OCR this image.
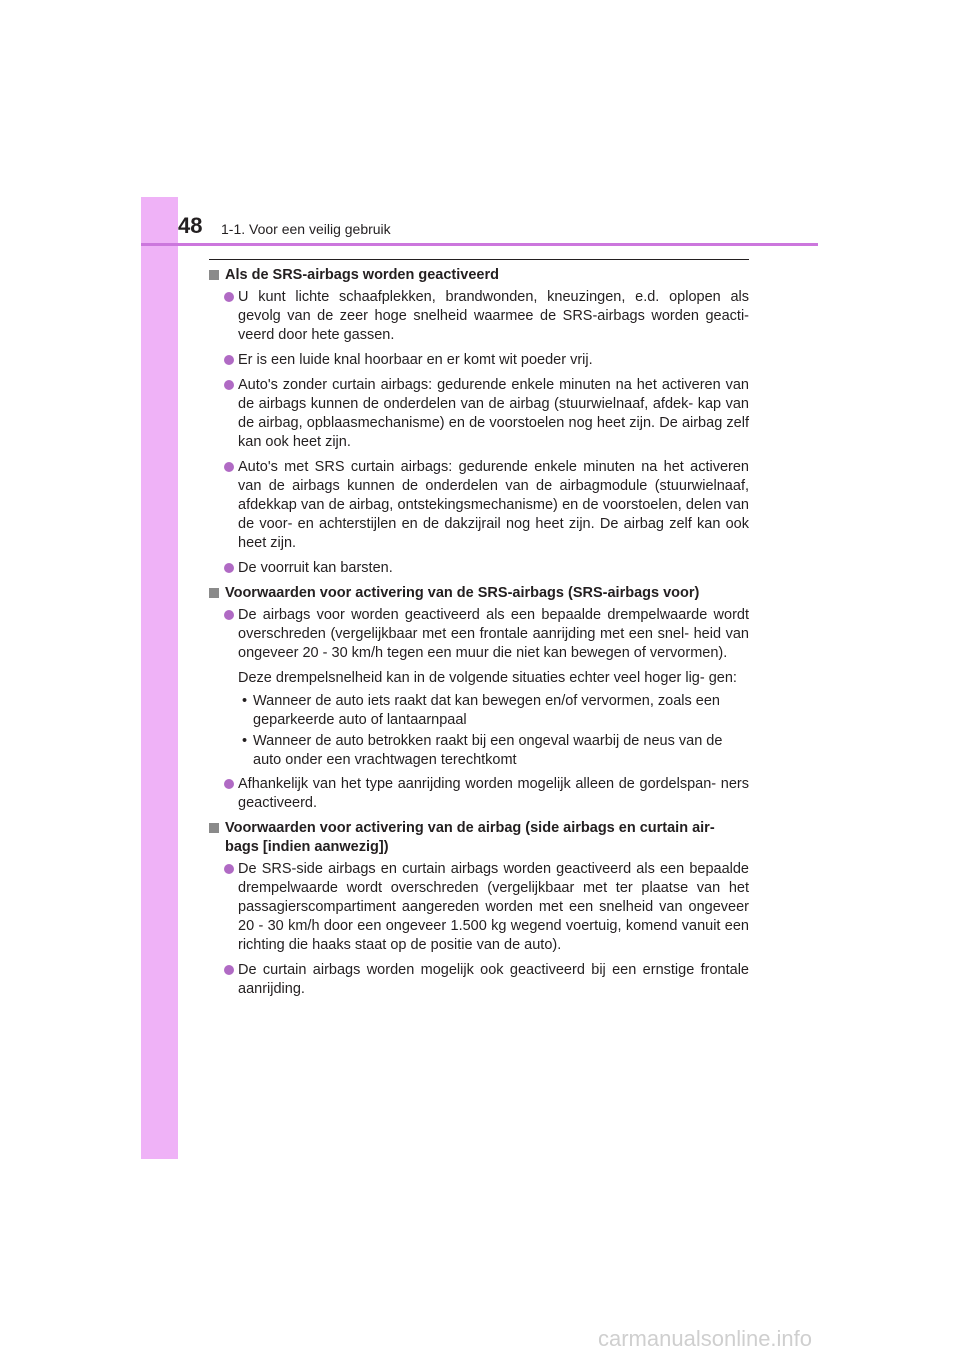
48 1-1. Voor een veilig gebruik
Als de SRS-airbags worden geactiveerd
U kunt lichte schaafplekken, brandwonden, kneuzingen, e.d. oplopen als gevolg van de zeer hoge snelheid waarmee de SRS-airbags worden geacti- veerd door hete gassen.
Er is een luide knal hoorbaar en er komt wit poeder vrij.
Auto's zonder curtain airbags: gedurende enkele minuten na het activeren van de airbags kunnen de onderdelen van de airbag (stuurwielnaaf, afdek- kap van de airbag, opblaasmechanisme) en de voorstoelen nog heet zijn. De airbag zelf kan ook heet zijn.
Auto's met SRS curtain airbags: gedurende enkele minuten na het activeren van de airbags kunnen de onderdelen van de airbagmodule (stuurwielnaaf, afdekkap van de airbag, ontstekingsmechanisme) en de voorstoelen, delen van de voor- en achterstijlen en de dakzijrail nog heet zijn. De airbag zelf kan ook heet zijn.
De voorruit kan barsten.
Voorwaarden voor activering van de SRS-airbags (SRS-airbags voor)
De airbags voor worden geactiveerd als een bepaalde drempelwaarde wordt overschreden (vergelijkbaar met een frontale aanrijding met een snel- heid van ongeveer 20 - 30 km/h tegen een muur die niet kan bewegen of vervormen).
Deze drempelsnelheid kan in de volgende situaties echter veel hoger lig- gen:
• Wanneer de auto iets raakt dat kan bewegen en/of vervormen, zoals een geparkeerde auto of lantaarnpaal
• Wanneer de auto betrokken raakt bij een ongeval waarbij de neus van de auto onder een vrachtwagen terechtkomt
Afhankelijk van het type aanrijding worden mogelijk alleen de gordelspan- ners geactiveerd.
Voorwaarden voor activering van de airbag (side airbags en curtain air- bags [indien aanwezig])
De SRS-side airbags en curtain airbags worden geactiveerd als een bepaalde drempelwaarde wordt overschreden (vergelijkbaar met ter plaatse van het passagierscompartiment aangereden worden met een snelheid van ongeveer 20 - 30 km/h door een ongeveer 1.500 kg wegend voertuig, komend vanuit een richting die haaks staat op de positie van de auto).
De curtain airbags worden mogelijk ook geactiveerd bij een ernstige frontale aanrijding.
carmanualsonline.info
